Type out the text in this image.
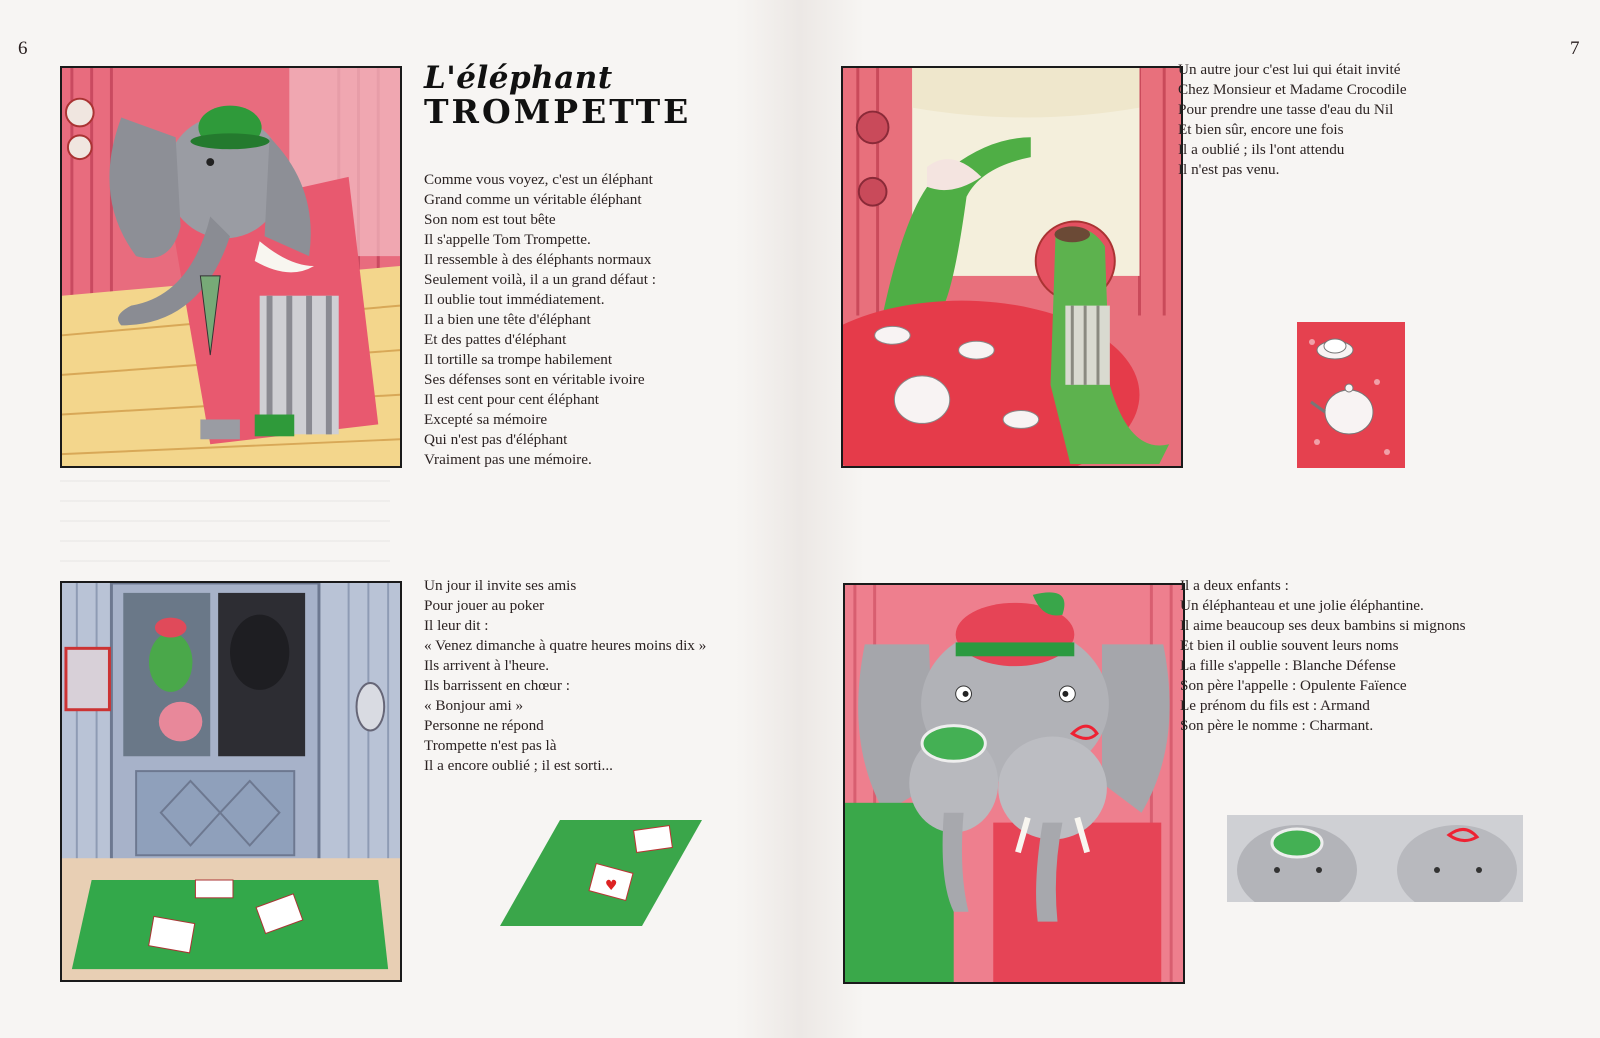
6
L'éléphant
TROMPETTE
Comme vous voyez, c'est un éléphant
Grand comme un véritable éléphant
Son nom est tout bête
Il s'appelle Tom Trompette.
Il ressemble à des éléphants normaux
Seulement voilà, il a un grand défaut :
Il oublie tout immédiatement.
Il a bien une tête d'éléphant
Et des pattes d'éléphant
Il tortille sa trompe habilement
Ses défenses sont en véritable ivoire
Il est cent pour cent éléphant
Excepté sa mémoire
Qui n'est pas d'éléphant
Vraiment pas une mémoire.
Un jour il invite ses amis
Pour jouer au poker
Il leur dit :
« Venez dimanche à quatre heures moins dix »
Ils arrivent à l'heure.
Ils barrissent en chœur :
« Bonjour ami »
Personne ne répond
Trompette n'est pas là
Il a encore oublié ; il est sorti...
♥
7
Un autre jour c'est lui qui était invité
Chez Monsieur et Madame Crocodile
Pour prendre une tasse d'eau du Nil
Et bien sûr, encore une fois
Il a oublié ; ils l'ont attendu
Il n'est pas venu.
Il a deux enfants :
Un éléphanteau et une jolie éléphantine.
Il aime beaucoup ses deux bambins si mignons
Et bien il oublie souvent leurs noms
La fille s'appelle : Blanche Défense
Son père l'appelle : Opulente Faïence
Le prénom du fils est : Armand
Son père le nomme : Charmant.
